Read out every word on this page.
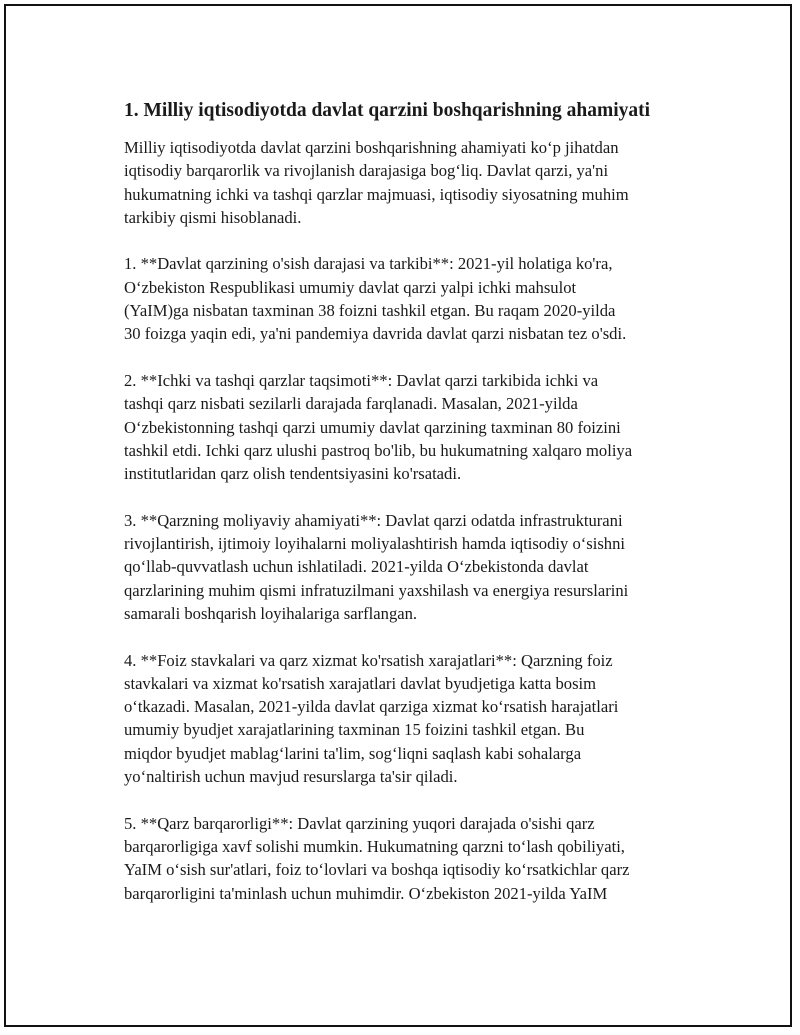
1. Milliy iqtisodiyotda davlat qarzini boshqarishning ahamiyati

Milliy iqtisodiyotda davlat qarzini boshqarishning ahamiyati ko‘p jihatdan
iqtisodiy barqarorlik va rivojlanish darajasiga bog‘liq. Davlat qarzi, ya'ni
hukumatning ichki va tashqi qarzlar majmuasi, iqtisodiy siyosatning muhim
tarkibiy qismi hisoblanadi.

1. **Davlat qarzining o'sish darajasi va tarkibi**: 2021-yil holatiga ko'ra,
O‘zbekiston Respublikasi umumiy davlat qarzi yalpi ichki mahsulot
(YaIM)ga nisbatan taxminan 38 foizni tashkil etgan. Bu raqam 2020-yilda
30 foizga yaqin edi, ya'ni pandemiya davrida davlat qarzi nisbatan tez o'sdi.

2. **Ichki va tashqi qarzlar taqsimoti**: Davlat qarzi tarkibida ichki va
tashqi qarz nisbati sezilarli darajada farqlanadi. Masalan, 2021-yilda
O‘zbekistonning tashqi qarzi umumiy davlat qarzining taxminan 80 foizini
tashkil etdi. Ichki qarz ulushi pastroq bo'lib, bu hukumatning xalqaro moliya
institutlaridan qarz olish tendentsiyasini ko'rsatadi.

3. **Qarzning moliyaviy ahamiyati**: Davlat qarzi odatda infrastrukturani
rivojlantirish, ijtimoiy loyihalarni moliyalashtirish hamda iqtisodiy o‘sishni
qo‘llab-quvvatlash uchun ishlatiladi. 2021-yilda O‘zbekistonda davlat
qarzlarining muhim qismi infratuzilmani yaxshilash va energiya resurslarini
samarali boshqarish loyihalariga sarflangan.

4. **Foiz stavkalari va qarz xizmat ko'rsatish xarajatlari**: Qarzning foiz
stavkalari va xizmat ko'rsatish xarajatlari davlat byudjetiga katta bosim
o‘tkazadi. Masalan, 2021-yilda davlat qarziga xizmat ko‘rsatish harajatlari
umumiy byudjet xarajatlarining taxminan 15 foizini tashkil etgan. Bu
miqdor byudjet mablag‘larini ta'lim, sog‘liqni saqlash kabi sohalarga
yo‘naltirish uchun mavjud resurslarga ta'sir qiladi.

5. **Qarz barqarorligi**: Davlat qarzining yuqori darajada o'sishi qarz
barqarorligiga xavf solishi mumkin. Hukumatning qarzni to‘lash qobiliyati,
YaIM o‘sish sur'atlari, foiz to‘lovlari va boshqa iqtisodiy ko‘rsatkichlar qarz
barqarorligini ta'minlash uchun muhimdir. O‘zbekiston 2021-yilda YaIM
